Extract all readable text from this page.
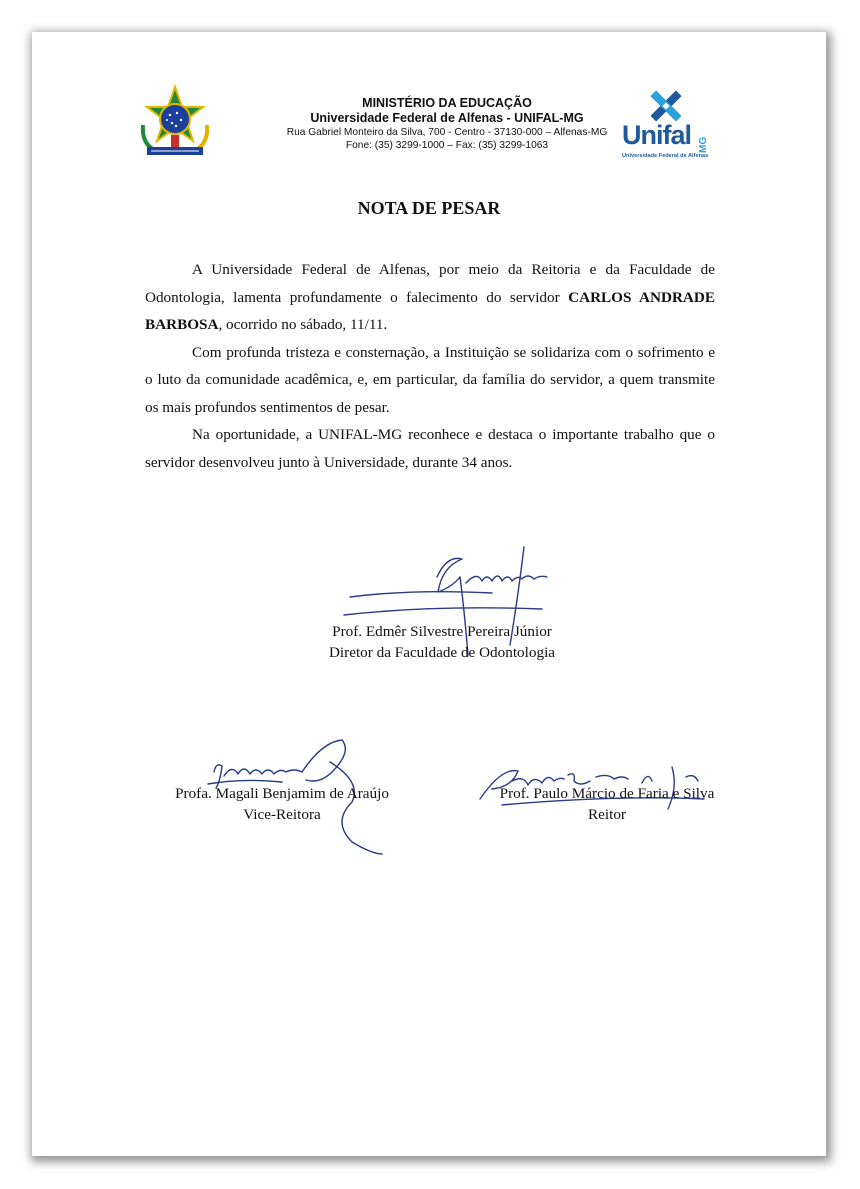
MINISTÉRIO DA EDUCAÇÃO
Universidade Federal de Alfenas - UNIFAL-MG
Rua Gabriel Monteiro da Silva, 700 - Centro - 37130-000 – Alfenas-MG
Fone: (35) 3299-1000 – Fax: (35) 3299-1063	Unifal MG
Universidade Federal de Alfenas
NOTA DE PESAR

A Universidade Federal de Alfenas, por meio da Reitoria e da Faculdade de Odontologia, lamenta profundamente o falecimento do servidor CARLOS ANDRADE BARBOSA, ocorrido no sábado, 11/11.

Com profunda tristeza e consternação, a Instituição se solidariza com o sofrimento e o luto da comunidade acadêmica, e, em particular, da família do servidor, a quem transmite os mais profundos sentimentos de pesar.

Na oportunidade, a UNIFAL-MG reconhece e destaca o importante trabalho que o servidor desenvolveu junto à Universidade, durante 34 anos.

Prof. Edmêr Silvestre Pereira Júnior
Diretor da Faculdade de Odontologia
Profa. Magali Benjamim de Araújo
Vice-Reitora
Prof. Paulo Márcio de Faria e Silva
Reitor
